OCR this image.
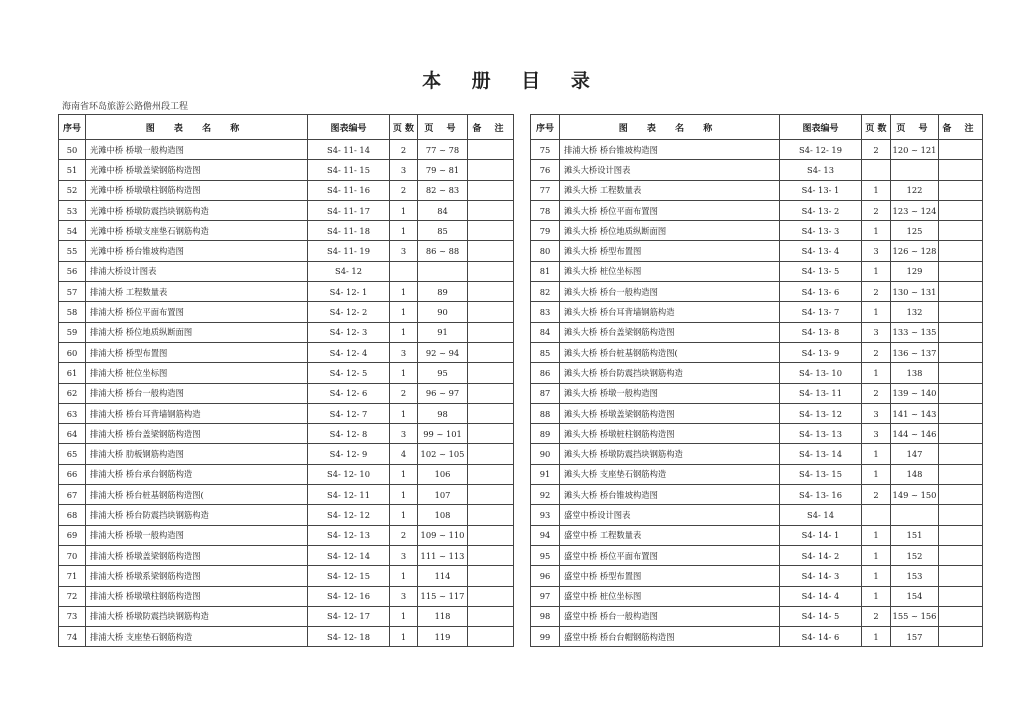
本 册 目 录
海南省环岛旅游公路儋州段工程
序号	图 表 名 称	图表编号	页 数	页 号	备 注
50	光滩中桥 桥墩一般构造图	S4- 11- 14	2	77 ~ 78	
51	光滩中桥 桥墩盖梁钢筋构造图	S4- 11- 15	3	79 ~ 81	
52	光滩中桥 桥墩墩柱钢筋构造图	S4- 11- 16	2	82 ~ 83	
53	光滩中桥 桥墩防震挡块钢筋构造	S4- 11- 17	1	84	
54	光滩中桥 桥墩支座垫石钢筋构造	S4- 11- 18	1	85	
55	光滩中桥 桥台锥坡构造图	S4- 11- 19	3	86 ~ 88	
56	排浦大桥设计图表	S4- 12			
57	排浦大桥 工程数量表	S4- 12- 1	1	89	
58	排浦大桥 桥位平面布置图	S4- 12- 2	1	90	
59	排浦大桥 桥位地质纵断面图	S4- 12- 3	1	91	
60	排浦大桥 桥型布置图	S4- 12- 4	3	92 ~ 94	
61	排浦大桥 桩位坐标图	S4- 12- 5	1	95	
62	排浦大桥 桥台一般构造图	S4- 12- 6	2	96 ~ 97	
63	排浦大桥 桥台耳背墙钢筋构造	S4- 12- 7	1	98	
64	排浦大桥 桥台盖梁钢筋构造图	S4- 12- 8	3	99 ~ 101	
65	排浦大桥 肋板钢筋构造图	S4- 12- 9	4	102 ~ 105	
66	排浦大桥 桥台承台钢筋构造	S4- 12- 10	1	106	
67	排浦大桥 桥台桩基钢筋构造图(	S4- 12- 11	1	107	
68	排浦大桥 桥台防震挡块钢筋构造	S4- 12- 12	1	108	
69	排浦大桥 桥墩一般构造图	S4- 12- 13	2	109 ~ 110	
70	排浦大桥 桥墩盖梁钢筋构造图	S4- 12- 14	3	111 ~ 113	
71	排浦大桥 桥墩系梁钢筋构造图	S4- 12- 15	1	114	
72	排浦大桥 桥墩墩柱钢筋构造图	S4- 12- 16	3	115 ~ 117	
73	排浦大桥 桥墩防震挡块钢筋构造	S4- 12- 17	1	118	
74	排浦大桥 支座垫石钢筋构造	S4- 12- 18	1	119	
序号	图 表 名 称	图表编号	页 数	页 号	备 注
75	排浦大桥 桥台锥坡构造图	S4- 12- 19	2	120 ~ 121	
76	滩头大桥设计图表	S4- 13			
77	滩头大桥 工程数量表	S4- 13- 1	1	122	
78	滩头大桥 桥位平面布置图	S4- 13- 2	2	123 ~ 124	
79	滩头大桥 桥位地质纵断面图	S4- 13- 3	1	125	
80	滩头大桥 桥型布置图	S4- 13- 4	3	126 ~ 128	
81	滩头大桥 桩位坐标图	S4- 13- 5	1	129	
82	滩头大桥 桥台一般构造图	S4- 13- 6	2	130 ~ 131	
83	滩头大桥 桥台耳背墙钢筋构造	S4- 13- 7	1	132	
84	滩头大桥 桥台盖梁钢筋构造图	S4- 13- 8	3	133 ~ 135	
85	滩头大桥 桥台桩基钢筋构造图(	S4- 13- 9	2	136 ~ 137	
86	滩头大桥 桥台防震挡块钢筋构造	S4- 13- 10	1	138	
87	滩头大桥 桥墩一般构造图	S4- 13- 11	2	139 ~ 140	
88	滩头大桥 桥墩盖梁钢筋构造图	S4- 13- 12	3	141 ~ 143	
89	滩头大桥 桥墩桩柱钢筋构造图	S4- 13- 13	3	144 ~ 146	
90	滩头大桥 桥墩防震挡块钢筋构造	S4- 13- 14	1	147	
91	滩头大桥 支座垫石钢筋构造	S4- 13- 15	1	148	
92	滩头大桥 桥台锥坡构造图	S4- 13- 16	2	149 ~ 150	
93	盛堂中桥设计图表	S4- 14			
94	盛堂中桥 工程数量表	S4- 14- 1	1	151	
95	盛堂中桥 桥位平面布置图	S4- 14- 2	1	152	
96	盛堂中桥 桥型布置图	S4- 14- 3	1	153	
97	盛堂中桥 桩位坐标图	S4- 14- 4	1	154	
98	盛堂中桥 桥台一般构造图	S4- 14- 5	2	155 ~ 156	
99	盛堂中桥 桥台台帽钢筋构造图	S4- 14- 6	1	157	
